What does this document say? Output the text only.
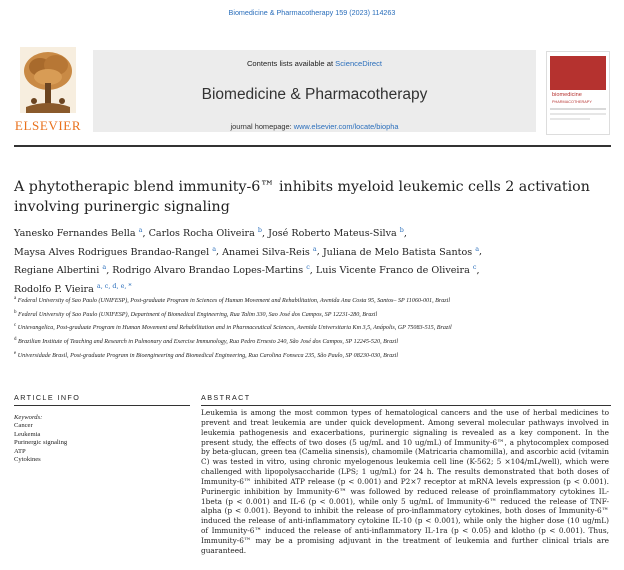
Biomedicine & Pharmacotherapy 159 (2023) 114263
ELSEVIER
Contents lists available at ScienceDirect
Biomedicine & Pharmacotherapy
journal homepage: www.elsevier.com/locate/biopha
biomedicine
PHARMACOTHERAPY
A phytotherapic blend immunity-6™ inhibits myeloid leukemic cells 2 activation involving purinergic signaling
Yanesko Fernandes Bella $^a$, Carlos Rocha Oliveira $^b$, José Roberto Mateus-Silva $^b$,
Maysa Alves Rodrigues Brandao-Rangel $^a$, Anamei Silva-Reis $^a$, Juliana de Melo Batista Santos $^a$,
Regiane Albertini $^a$, Rodrigo Alvaro Brandao Lopes-Martins $^c$, Luis Vicente Franco de Oliveira $^c$,
Rodolfo P. Vieira $^{a, c, d, e, *}$
$^a$ Federal University of Sao Paulo (UNIFESP), Post-graduate Program in Sciences of Human Movement and Rehabilitation, Avenida Ana Costa 95, Santos– SP 11060-001, Brazil
$^b$ Federal University of Sao Paulo (UNIFESP), Department of Biomedical Engineering, Rua Talim 330, Sao José dos Campos, SP 12231-280, Brazil
$^c$ Unievangelica, Post-graduate Program in Human Movement and Rehabilitation and in Pharmaceutical Sciences, Avenida Universitaria Km 3,5, Anápolis, GP 75083-515, Brazil
$^d$ Brazilian Institute of Teaching and Research in Pulmonary and Exercise Immunology, Rua Pedro Ernesto 240, São José dos Campos, SP 12245-520, Brazil
$^e$ Universidade Brasil, Post-graduate Program in Bioengineering and Biomedical Engineering, Rua Carolina Fonseca 235, São Paulo, SP 08230-030, Brazil
ARTICLE INFO	ABSTRACT
Keywords:
Cancer
Leukemia
Purinergic signaling
ATP
Cytokines
Leukemia is among the most common types of hematological cancers and the use of herbal medicines to prevent and treat leukemia are under quick development. Among several molecular pathways involved in leukemia pathogenesis and exacerbations, purinergic signaling is revealed as a key component. In the present study, the effects of two doses (5 ug/mL and 10 ug/mL) of Immunity-6™, a phytocomplex composed by beta-glucan, green tea (Camelia sinensis), chamomile (Matricaria chamomilla), and ascorbic acid (vitamin C) was tested in vitro, using chronic myelogenous leukemia cell line (K-562; 5 ×104/mL/well), which were challenged with lipopolysaccharide (LPS; 1 ug/mL) for 24 h. The results demonstrated that both doses of Immunity-6™ inhibited ATP release (p < 0.001) and P2×7 receptor at mRNA levels expression (p < 0.001). Purinergic inhibition by Immunity-6™ was followed by reduced release of proinflammatory cytokines IL-1beta (p < 0.001) and IL-6 (p < 0.001), while only 5 ug/mL of Immunity-6™ reduced the release of TNF-alpha (p < 0.001). Beyond to inhibit the release of pro-inflammatory cytokines, both doses of Immunity-6™ induced the release of anti-inflammatory cytokine IL-10 (p < 0.001), while only the higher dose (10 ug/mL) of Immunity-6™ induced the release of anti-inflammatory IL-1ra (p < 0.05) and klotho (p < 0.001). Thus, Immunity-6™ may be a promising adjuvant in the treatment of leukemia and further clinical trials are guaranteed.
